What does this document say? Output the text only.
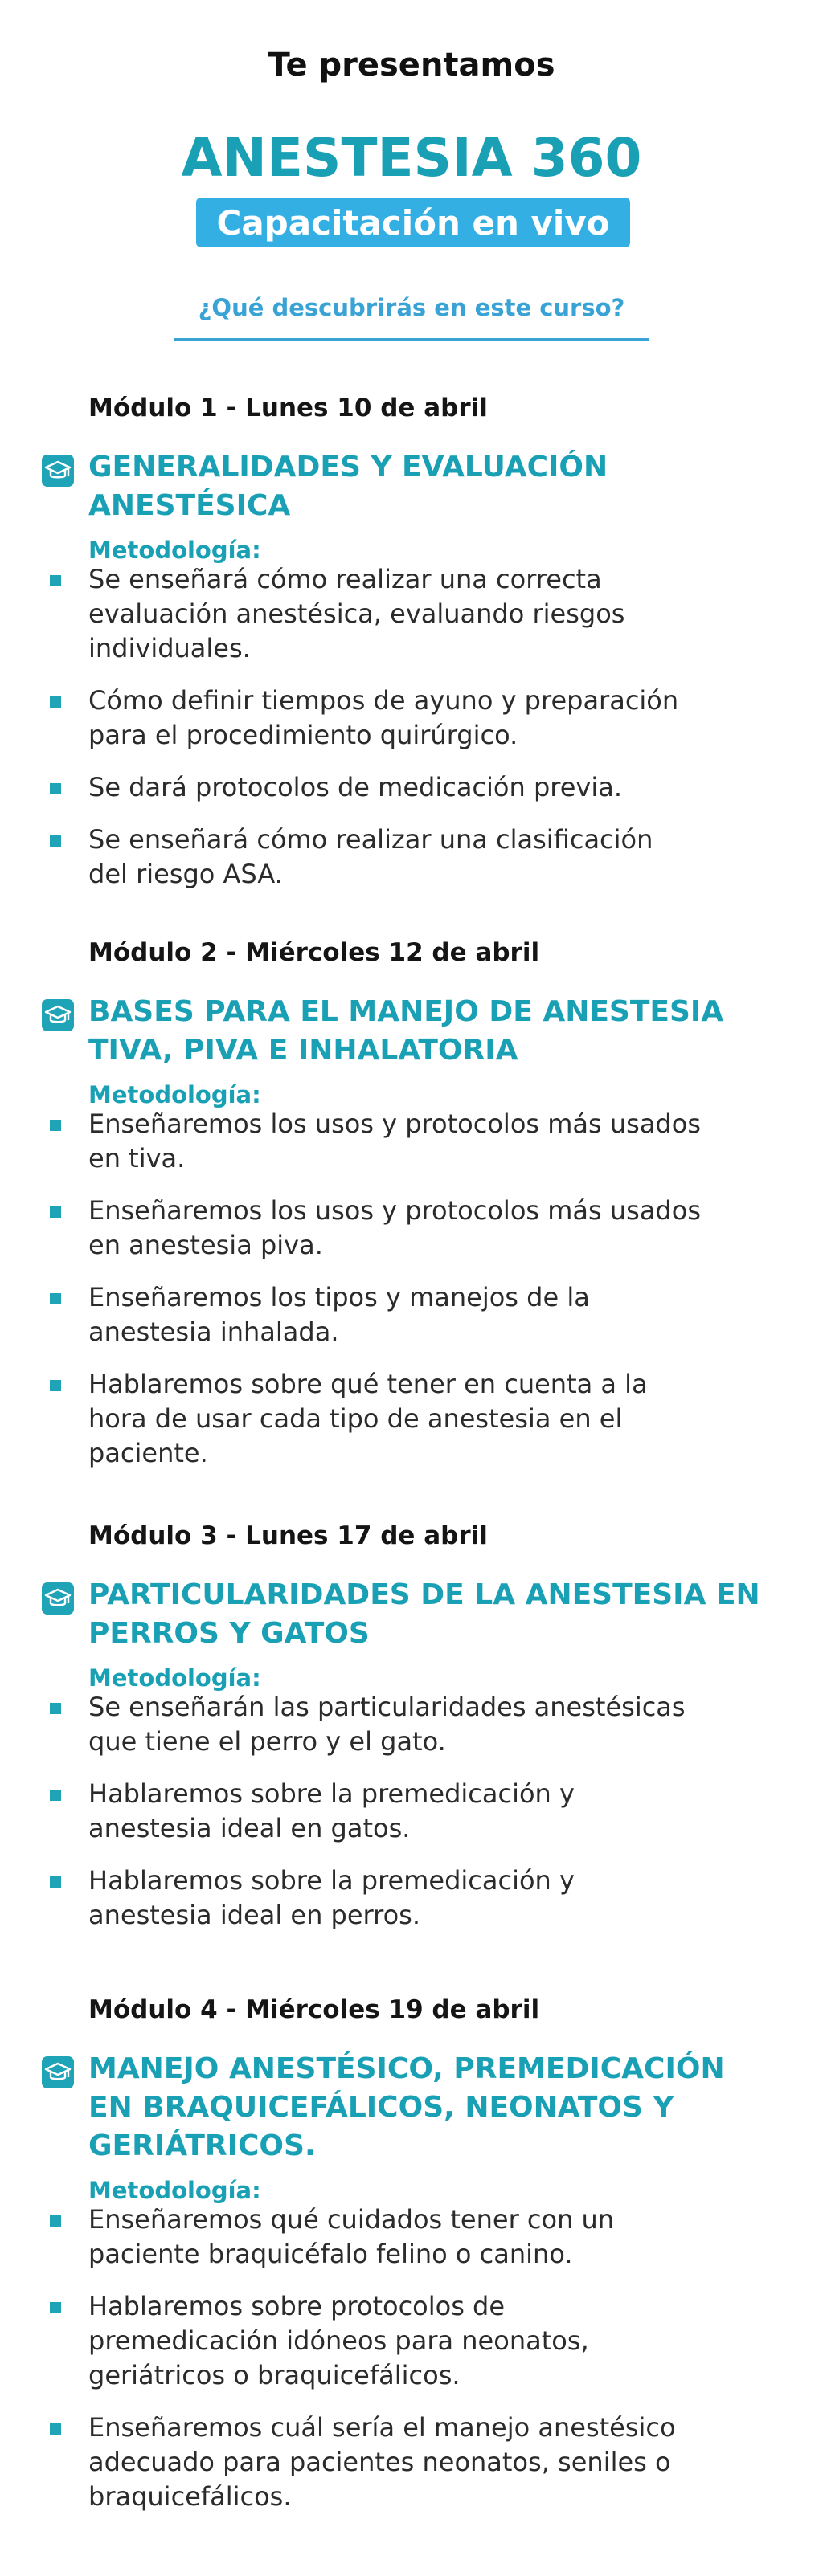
Te presentamos
ANESTESIA 360
Capacitación en vivo
¿Qué descubrirás en este curso?
Módulo 1 - Lunes 10 de abril
GENERALIDADES Y EVALUACIÓN
ANESTÉSICA
Metodología:
Se enseñará cómo realizar una correcta
evaluación anestésica, evaluando riesgos
individuales.
Cómo definir tiempos de ayuno y preparación
para el procedimiento quirúrgico.
Se dará protocolos de medicación previa.
Se enseñará cómo realizar una clasificación
del riesgo ASA.
Módulo 2 - Miércoles 12 de abril
BASES PARA EL MANEJO DE ANESTESIA
TIVA, PIVA E INHALATORIA
Metodología:
Enseñaremos los usos y protocolos más usados
en tiva.
Enseñaremos los usos y protocolos más usados
en anestesia piva.
Enseñaremos los tipos y manejos de la
anestesia inhalada.
Hablaremos sobre qué tener en cuenta a la
hora de usar cada tipo de anestesia en el
paciente.
Módulo 3 - Lunes 17 de abril
PARTICULARIDADES DE LA ANESTESIA EN
PERROS Y GATOS
Metodología:
Se enseñarán las particularidades anestésicas
que tiene el perro y el gato.
Hablaremos sobre la premedicación y
anestesia ideal en gatos.
Hablaremos sobre la premedicación y
anestesia ideal en perros.
Módulo 4 - Miércoles 19 de abril
MANEJO ANESTÉSICO, PREMEDICACIÓN
EN BRAQUICEFÁLICOS, NEONATOS Y
GERIÁTRICOS.
Metodología:
Enseñaremos qué cuidados tener con un
paciente braquicéfalo felino o canino.
Hablaremos sobre protocolos de
premedicación idóneos para neonatos,
geriátricos o braquicefálicos.
Enseñaremos cuál sería el manejo anestésico
adecuado para pacientes neonatos, seniles o
braquicefálicos.
